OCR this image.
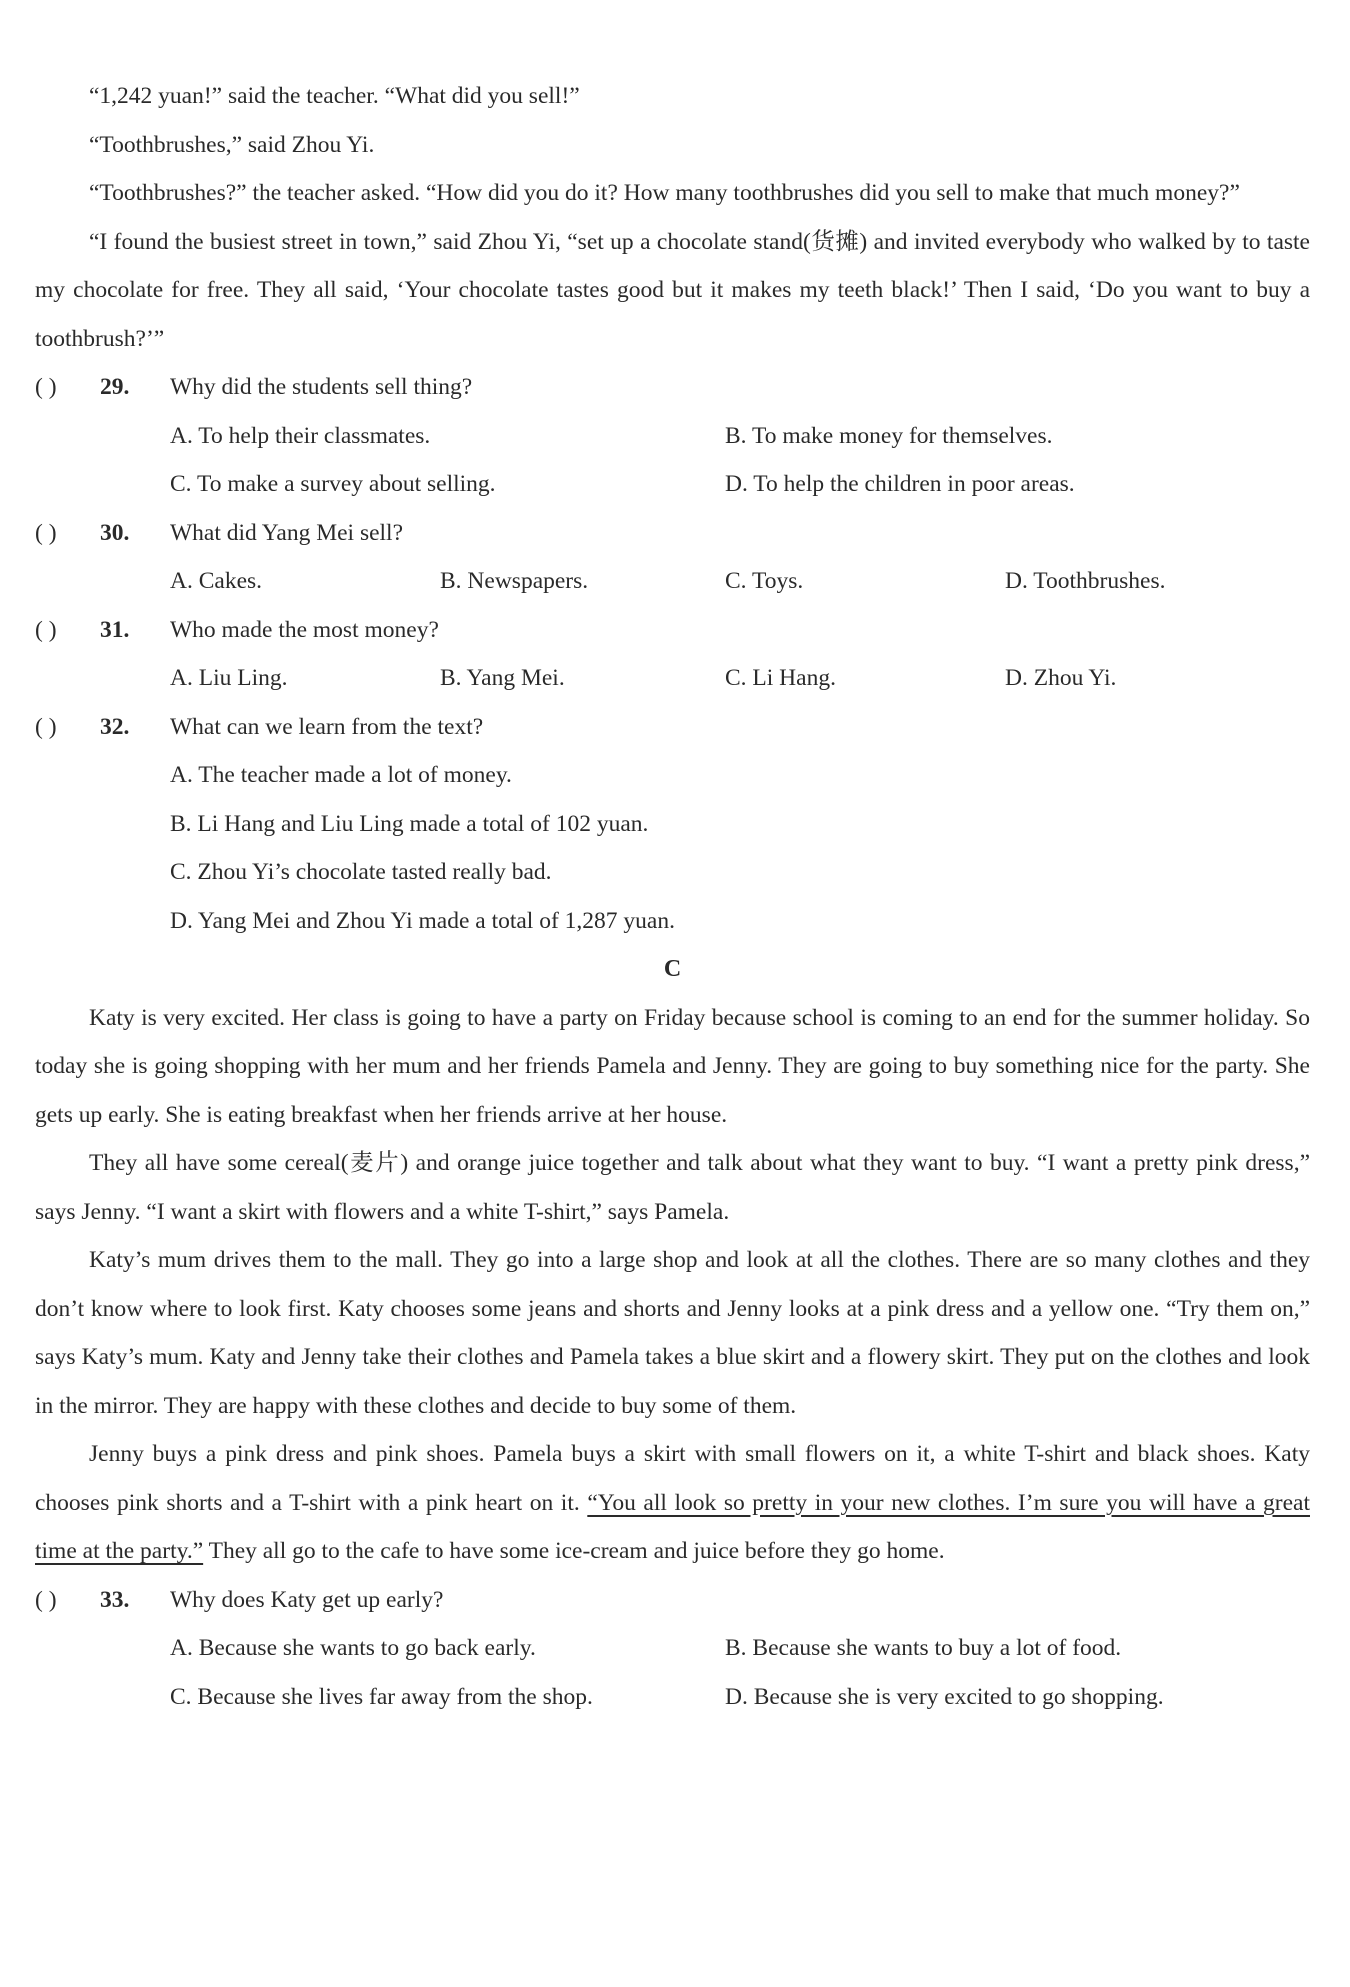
“1,242 yuan!” said the teacher. “What did you sell!”

“Toothbrushes,” said Zhou Yi.

“Toothbrushes?” the teacher asked. “How did you do it? How many toothbrushes did you sell to make that much money?”

“I found the busiest street in town,” said Zhou Yi, “set up a chocolate stand(货摊) and invited everybody who walked by to taste my chocolate for free. They all said, ‘Your chocolate tastes good but it makes my teeth black!’ Then I said, ‘Do you want to buy a toothbrush?’”

( ) 29. Why did the students sell thing?
A. To help their classmates.	B. To make money for themselves.
C. To make a survey about selling.	D. To help the children in poor areas.
( ) 30. What did Yang Mei sell?
A. Cakes.	B. Newspapers.	C. Toys.	D. Toothbrushes.
( ) 31. Who made the most money?
A. Liu Ling.	B. Yang Mei.	C. Li Hang.	D. Zhou Yi.
( ) 32. What can we learn from the text?
A. The teacher made a lot of money.
B. Li Hang and Liu Ling made a total of 102 yuan.
C. Zhou Yi’s chocolate tasted really bad.
D. Yang Mei and Zhou Yi made a total of 1,287 yuan.
C

Katy is very excited. Her class is going to have a party on Friday because school is coming to an end for the summer holiday. So today she is going shopping with her mum and her friends Pamela and Jenny. They are going to buy something nice for the party. She gets up early. She is eating breakfast when her friends arrive at her house.

They all have some cereal(麦片) and orange juice together and talk about what they want to buy. “I want a pretty pink dress,” says Jenny. “I want a skirt with flowers and a white T-shirt,” says Pamela.

Katy’s mum drives them to the mall. They go into a large shop and look at all the clothes. There are so many clothes and they don’t know where to look first. Katy chooses some jeans and shorts and Jenny looks at a pink dress and a yellow one. “Try them on,” says Katy’s mum. Katy and Jenny take their clothes and Pamela takes a blue skirt and a flowery skirt. They put on the clothes and look in the mirror. They are happy with these clothes and decide to buy some of them.

Jenny buys a pink dress and pink shoes. Pamela buys a skirt with small flowers on it, a white T-shirt and black shoes. Katy chooses pink shorts and a T-shirt with a pink heart on it. “You all look so pretty in your new clothes. I’m sure you will have a great time at the party.” They all go to the cafe to have some ice-cream and juice before they go home.

( ) 33. Why does Katy get up early?
A. Because she wants to go back early.	B. Because she wants to buy a lot of food.
C. Because she lives far away from the shop.	D. Because she is very excited to go shopping.
